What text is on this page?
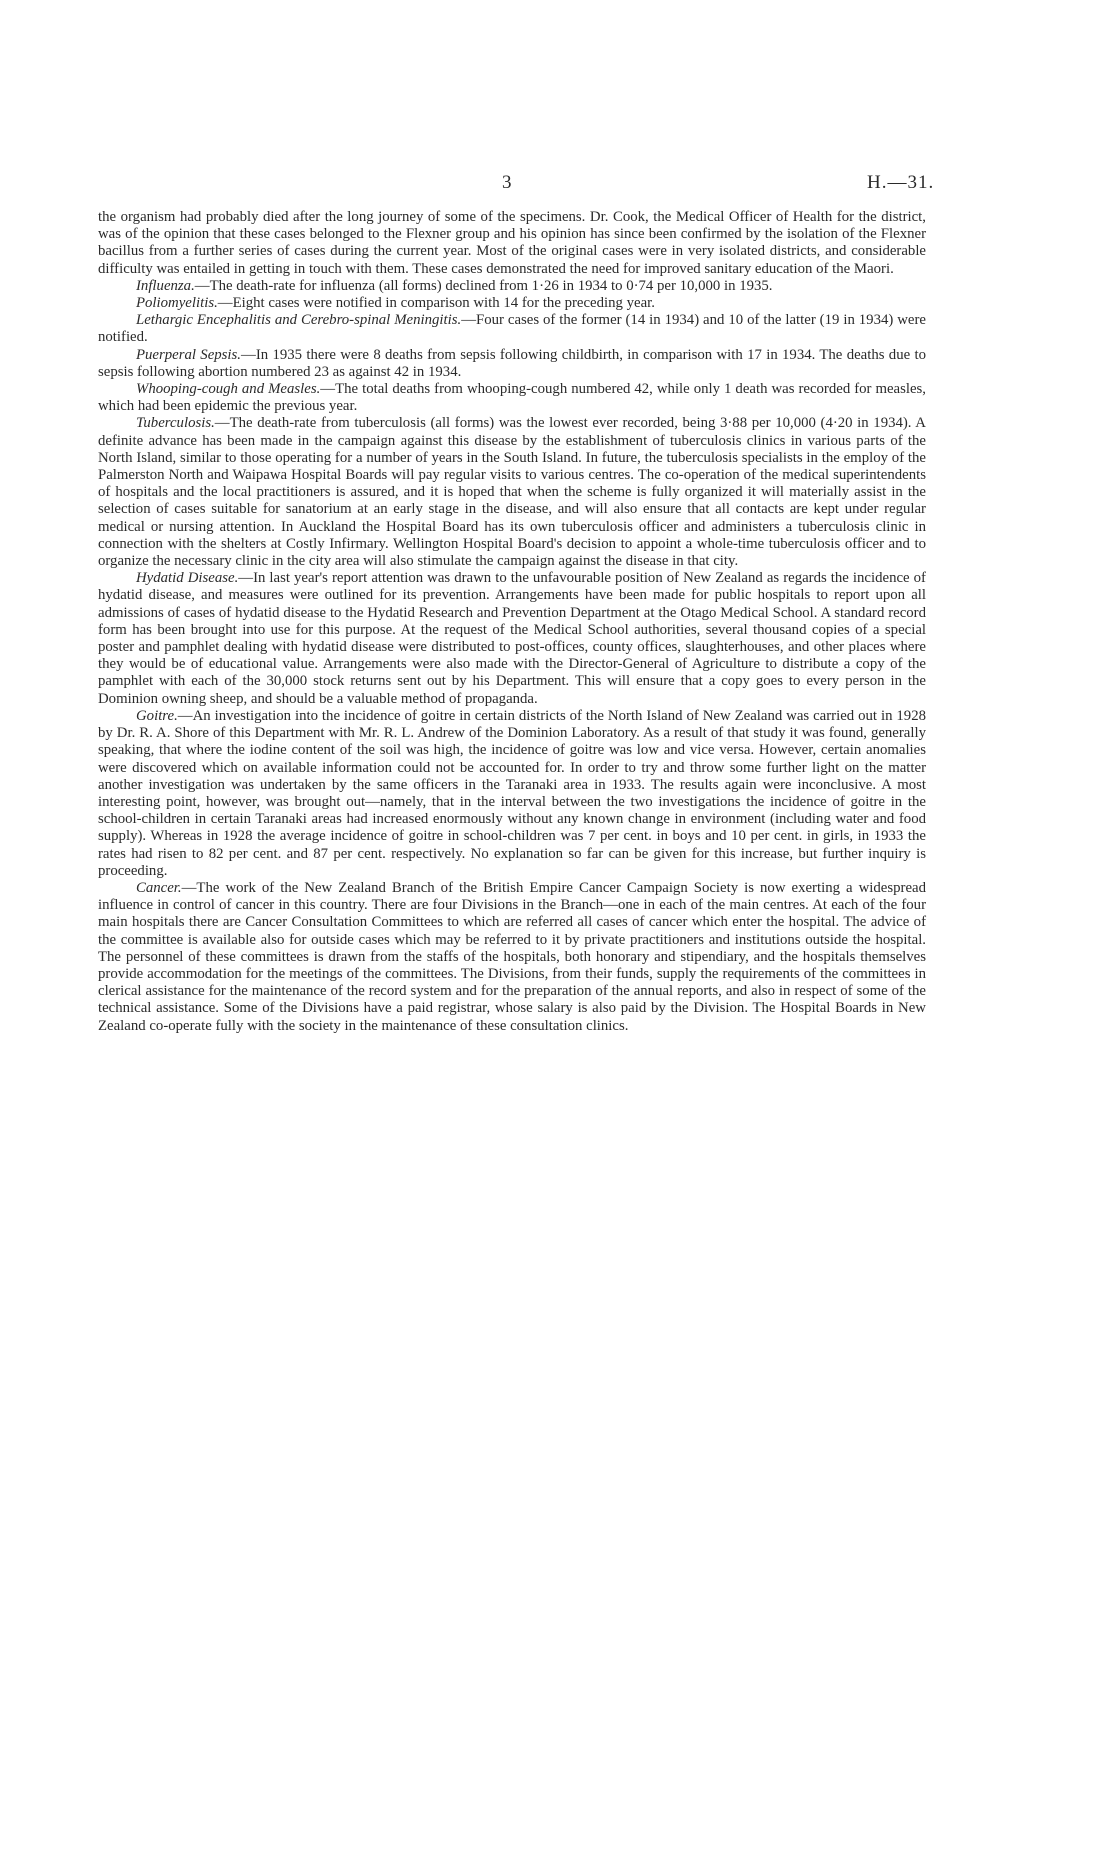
3	H.—31.

the organism had probably died after the long journey of some of the specimens. Dr. Cook, the Medical Officer of Health for the district, was of the opinion that these cases belonged to the Flexner group and his opinion has since been confirmed by the isolation of the Flexner bacillus from a further series of cases during the current year. Most of the original cases were in very isolated districts, and considerable difficulty was entailed in getting in touch with them. These cases demonstrated the need for improved sanitary education of the Maori.

Influenza.—The death-rate for influenza (all forms) declined from 1·26 in 1934 to 0·74 per 10,000 in 1935.

Poliomyelitis.—Eight cases were notified in comparison with 14 for the preceding year.

Lethargic Encephalitis and Cerebro-spinal Meningitis.—Four cases of the former (14 in 1934) and 10 of the latter (19 in 1934) were notified.

Puerperal Sepsis.—In 1935 there were 8 deaths from sepsis following childbirth, in comparison with 17 in 1934. The deaths due to sepsis following abortion numbered 23 as against 42 in 1934.

Whooping-cough and Measles.—The total deaths from whooping-cough numbered 42, while only 1 death was recorded for measles, which had been epidemic the previous year.

Tuberculosis.—The death-rate from tuberculosis (all forms) was the lowest ever recorded, being 3·88 per 10,000 (4·20 in 1934). A definite advance has been made in the campaign against this disease by the establishment of tuberculosis clinics in various parts of the North Island, similar to those operating for a number of years in the South Island. In future, the tuberculosis specialists in the employ of the Palmerston North and Waipawa Hospital Boards will pay regular visits to various centres. The co-operation of the medical superintendents of hospitals and the local practitioners is assured, and it is hoped that when the scheme is fully organized it will materially assist in the selection of cases suitable for sanatorium at an early stage in the disease, and will also ensure that all contacts are kept under regular medical or nursing attention. In Auckland the Hospital Board has its own tuberculosis officer and administers a tuberculosis clinic in connection with the shelters at Costly Infirmary. Wellington Hospital Board's decision to appoint a whole-time tuberculosis officer and to organize the necessary clinic in the city area will also stimulate the campaign against the disease in that city.

Hydatid Disease.—In last year's report attention was drawn to the unfavourable position of New Zealand as regards the incidence of hydatid disease, and measures were outlined for its prevention. Arrangements have been made for public hospitals to report upon all admissions of cases of hydatid disease to the Hydatid Research and Prevention Department at the Otago Medical School. A standard record form has been brought into use for this purpose. At the request of the Medical School authorities, several thousand copies of a special poster and pamphlet dealing with hydatid disease were distributed to post-offices, county offices, slaughterhouses, and other places where they would be of educational value. Arrangements were also made with the Director-General of Agriculture to distribute a copy of the pamphlet with each of the 30,000 stock returns sent out by his Department. This will ensure that a copy goes to every person in the Dominion owning sheep, and should be a valuable method of propaganda.

Goitre.—An investigation into the incidence of goitre in certain districts of the North Island of New Zealand was carried out in 1928 by Dr. R. A. Shore of this Department with Mr. R. L. Andrew of the Dominion Laboratory. As a result of that study it was found, generally speaking, that where the iodine content of the soil was high, the incidence of goitre was low and vice versa. However, certain anomalies were discovered which on available information could not be accounted for. In order to try and throw some further light on the matter another investigation was undertaken by the same officers in the Taranaki area in 1933. The results again were inconclusive. A most interesting point, however, was brought out—namely, that in the interval between the two investigations the incidence of goitre in the school-children in certain Taranaki areas had increased enormously without any known change in environment (including water and food supply). Whereas in 1928 the average incidence of goitre in school-children was 7 per cent. in boys and 10 per cent. in girls, in 1933 the rates had risen to 82 per cent. and 87 per cent. respectively. No explanation so far can be given for this increase, but further inquiry is proceeding.

Cancer.—The work of the New Zealand Branch of the British Empire Cancer Campaign Society is now exerting a widespread influence in control of cancer in this country. There are four Divisions in the Branch—one in each of the main centres. At each of the four main hospitals there are Cancer Consultation Committees to which are referred all cases of cancer which enter the hospital. The advice of the committee is available also for outside cases which may be referred to it by private practitioners and institutions outside the hospital. The personnel of these committees is drawn from the staffs of the hospitals, both honorary and stipendiary, and the hospitals themselves provide accommodation for the meetings of the committees. The Divisions, from their funds, supply the requirements of the committees in clerical assistance for the maintenance of the record system and for the preparation of the annual reports, and also in respect of some of the technical assistance. Some of the Divisions have a paid registrar, whose salary is also paid by the Division. The Hospital Boards in New Zealand co-operate fully with the society in the maintenance of these consultation clinics.
